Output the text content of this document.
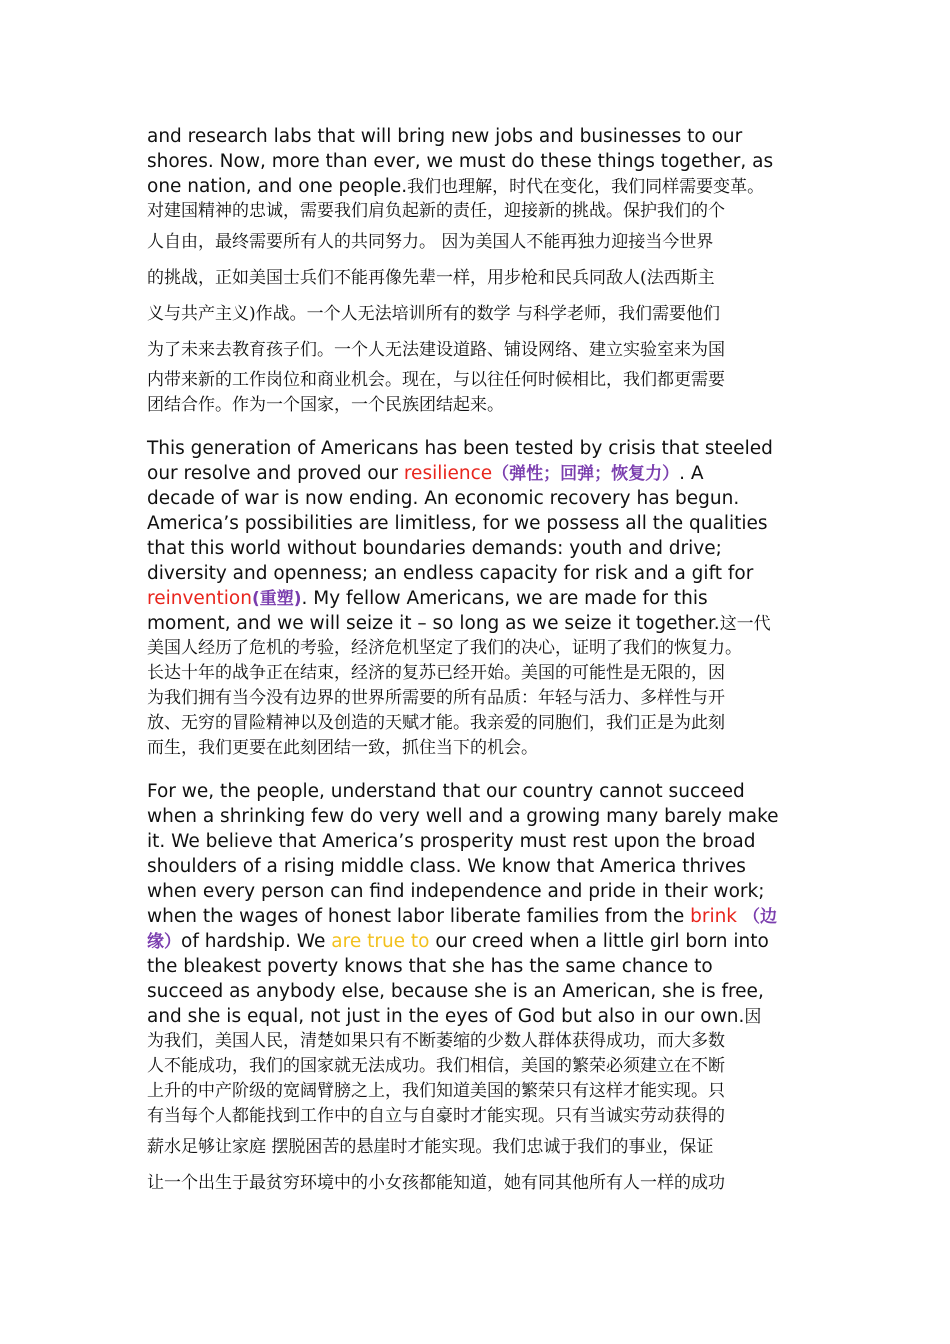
and research labs that will bring new jobs and businesses to our
shores. Now, more than ever, we must do these things together, as
one nation, and one people.我们也理解，时代在变化，我们同样需要变革。
对建国精神的忠诚，需要我们肩负起新的责任，迎接新的挑战。保护我们的个
人自由，最终需要所有人的共同努力。 因为美国人不能再独力迎接当今世界
的挑战，正如美国士兵们不能再像先辈一样，用步枪和民兵同敌人(法西斯主
义与共产主义)作战。一个人无法培训所有的数学 与科学老师，我们需要他们
为了未来去教育孩子们。一个人无法建设道路、铺设网络、建立实验室来为国
内带来新的工作岗位和商业机会。现在，与以往任何时候相比，我们都更需要
团结合作。作为一个国家，一个民族团结起来。
This generation of Americans has been tested by crisis that steeled
our resolve and proved our resilience（弹性；回弹；恢复力）. A
decade of war is now ending. An economic recovery has begun.
America’s possibilities are limitless, for we possess all the qualities
that this world without boundaries demands: youth and drive;
diversity and openness; an endless capacity for risk and a gift for
reinvention(重塑). My fellow Americans, we are made for this
moment, and we will seize it – so long as we seize it together.这一代
美国人经历了危机的考验，经济危机坚定了我们的决心，证明了我们的恢复力。
长达十年的战争正在结束，经济的复苏已经开始。美国的可能性是无限的，因
为我们拥有当今没有边界的世界所需要的所有品质：年轻与活力、多样性与开
放、无穷的冒险精神以及创造的天赋才能。我亲爱的同胞们，我们正是为此刻
而生，我们更要在此刻团结一致，抓住当下的机会。
For we, the people, understand that our country cannot succeed
when a shrinking few do very well and a growing many barely make
it. We believe that America’s prosperity must rest upon the broad
shoulders of a rising middle class. We know that America thrives
when every person can find independence and pride in their work;
when the wages of honest labor liberate families from the brink （边
缘）of hardship. We are true to our creed when a little girl born into
the bleakest poverty knows that she has the same chance to
succeed as anybody else, because she is an American, she is free,
and she is equal, not just in the eyes of God but also in our own.因
为我们，美国人民，清楚如果只有不断萎缩的少数人群体获得成功，而大多数
人不能成功，我们的国家就无法成功。我们相信，美国的繁荣必须建立在不断
上升的中产阶级的宽阔臂膀之上，我们知道美国的繁荣只有这样才能实现。只
有当每个人都能找到工作中的自立与自豪时才能实现。只有当诚实劳动获得的
薪水足够让家庭 摆脱困苦的悬崖时才能实现。我们忠诚于我们的事业，保证
让一个出生于最贫穷环境中的小女孩都能知道，她有同其他所有人一样的成功
